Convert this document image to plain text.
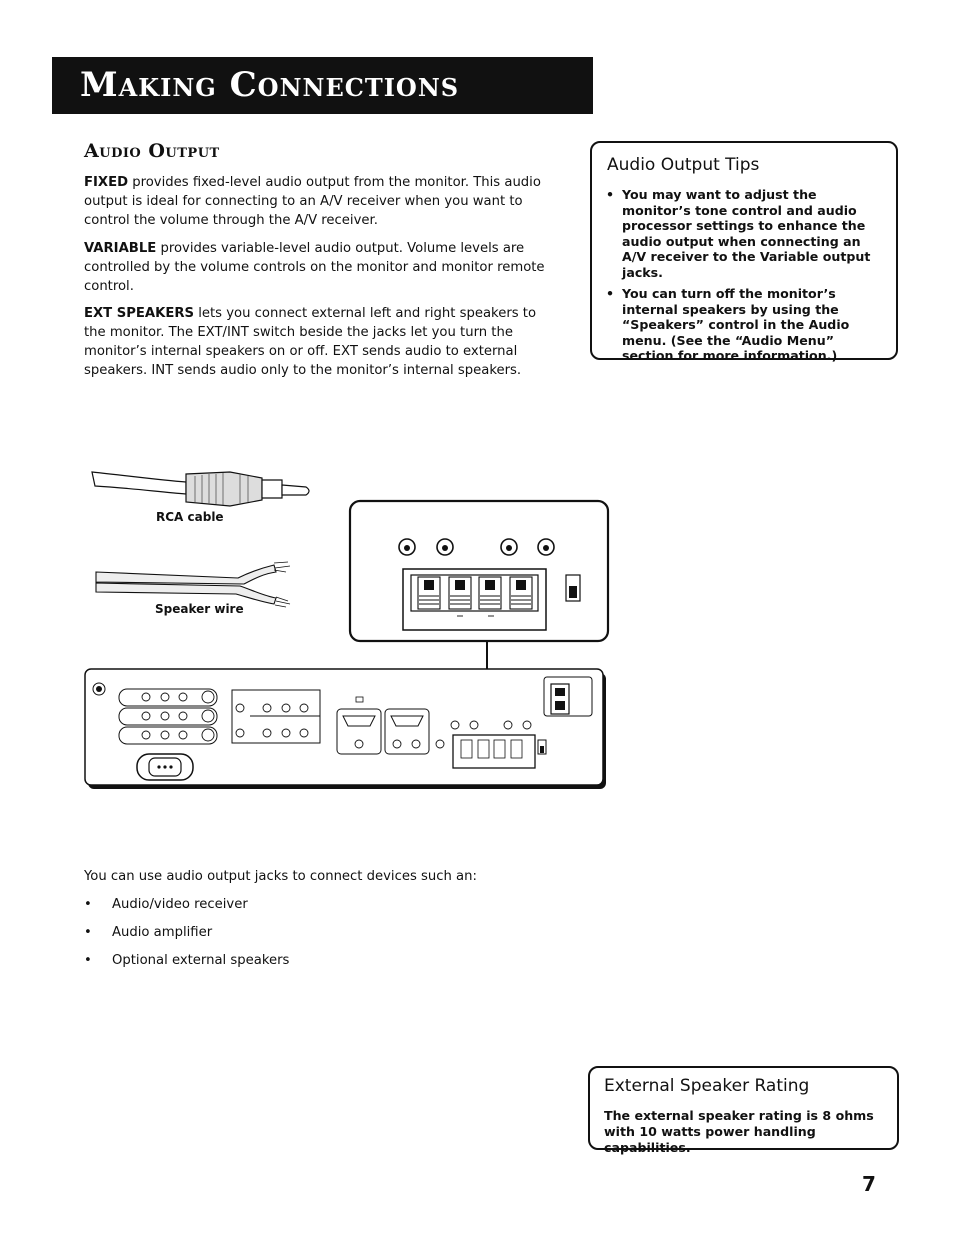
Making Connections
Audio Output

FIXED provides fixed-level audio output from the monitor. This audio output is ideal for connecting to an A/V receiver when you want to control the volume through the A/V receiver.

VARIABLE provides variable-level audio output. Volume levels are controlled by the volume controls on the monitor and monitor remote control.

EXT SPEAKERS lets you connect external left and right speakers to the monitor. The EXT/INT switch beside the jacks let you turn the monitor’s internal speakers on or off. EXT sends audio to external speakers. INT sends audio only to the monitor’s internal speakers.

Audio Output Tips
• You may want to adjust the monitor’s tone control and audio processor settings to enhance the audio output when connecting an A/V receiver to the Variable output jacks.
• You can turn off the monitor’s internal speakers by using the “Speakers” control in the Audio menu. (See the “Audio Menu” section for more information.)
RCA cable
Speaker wire

You can use audio output jacks to connect devices such an:

• Audio/video receiver
• Audio amplifier
• Optional external speakers
External Speaker Rating

The external speaker rating is 8 ohms with 10 watts power handling capabilities.

7
